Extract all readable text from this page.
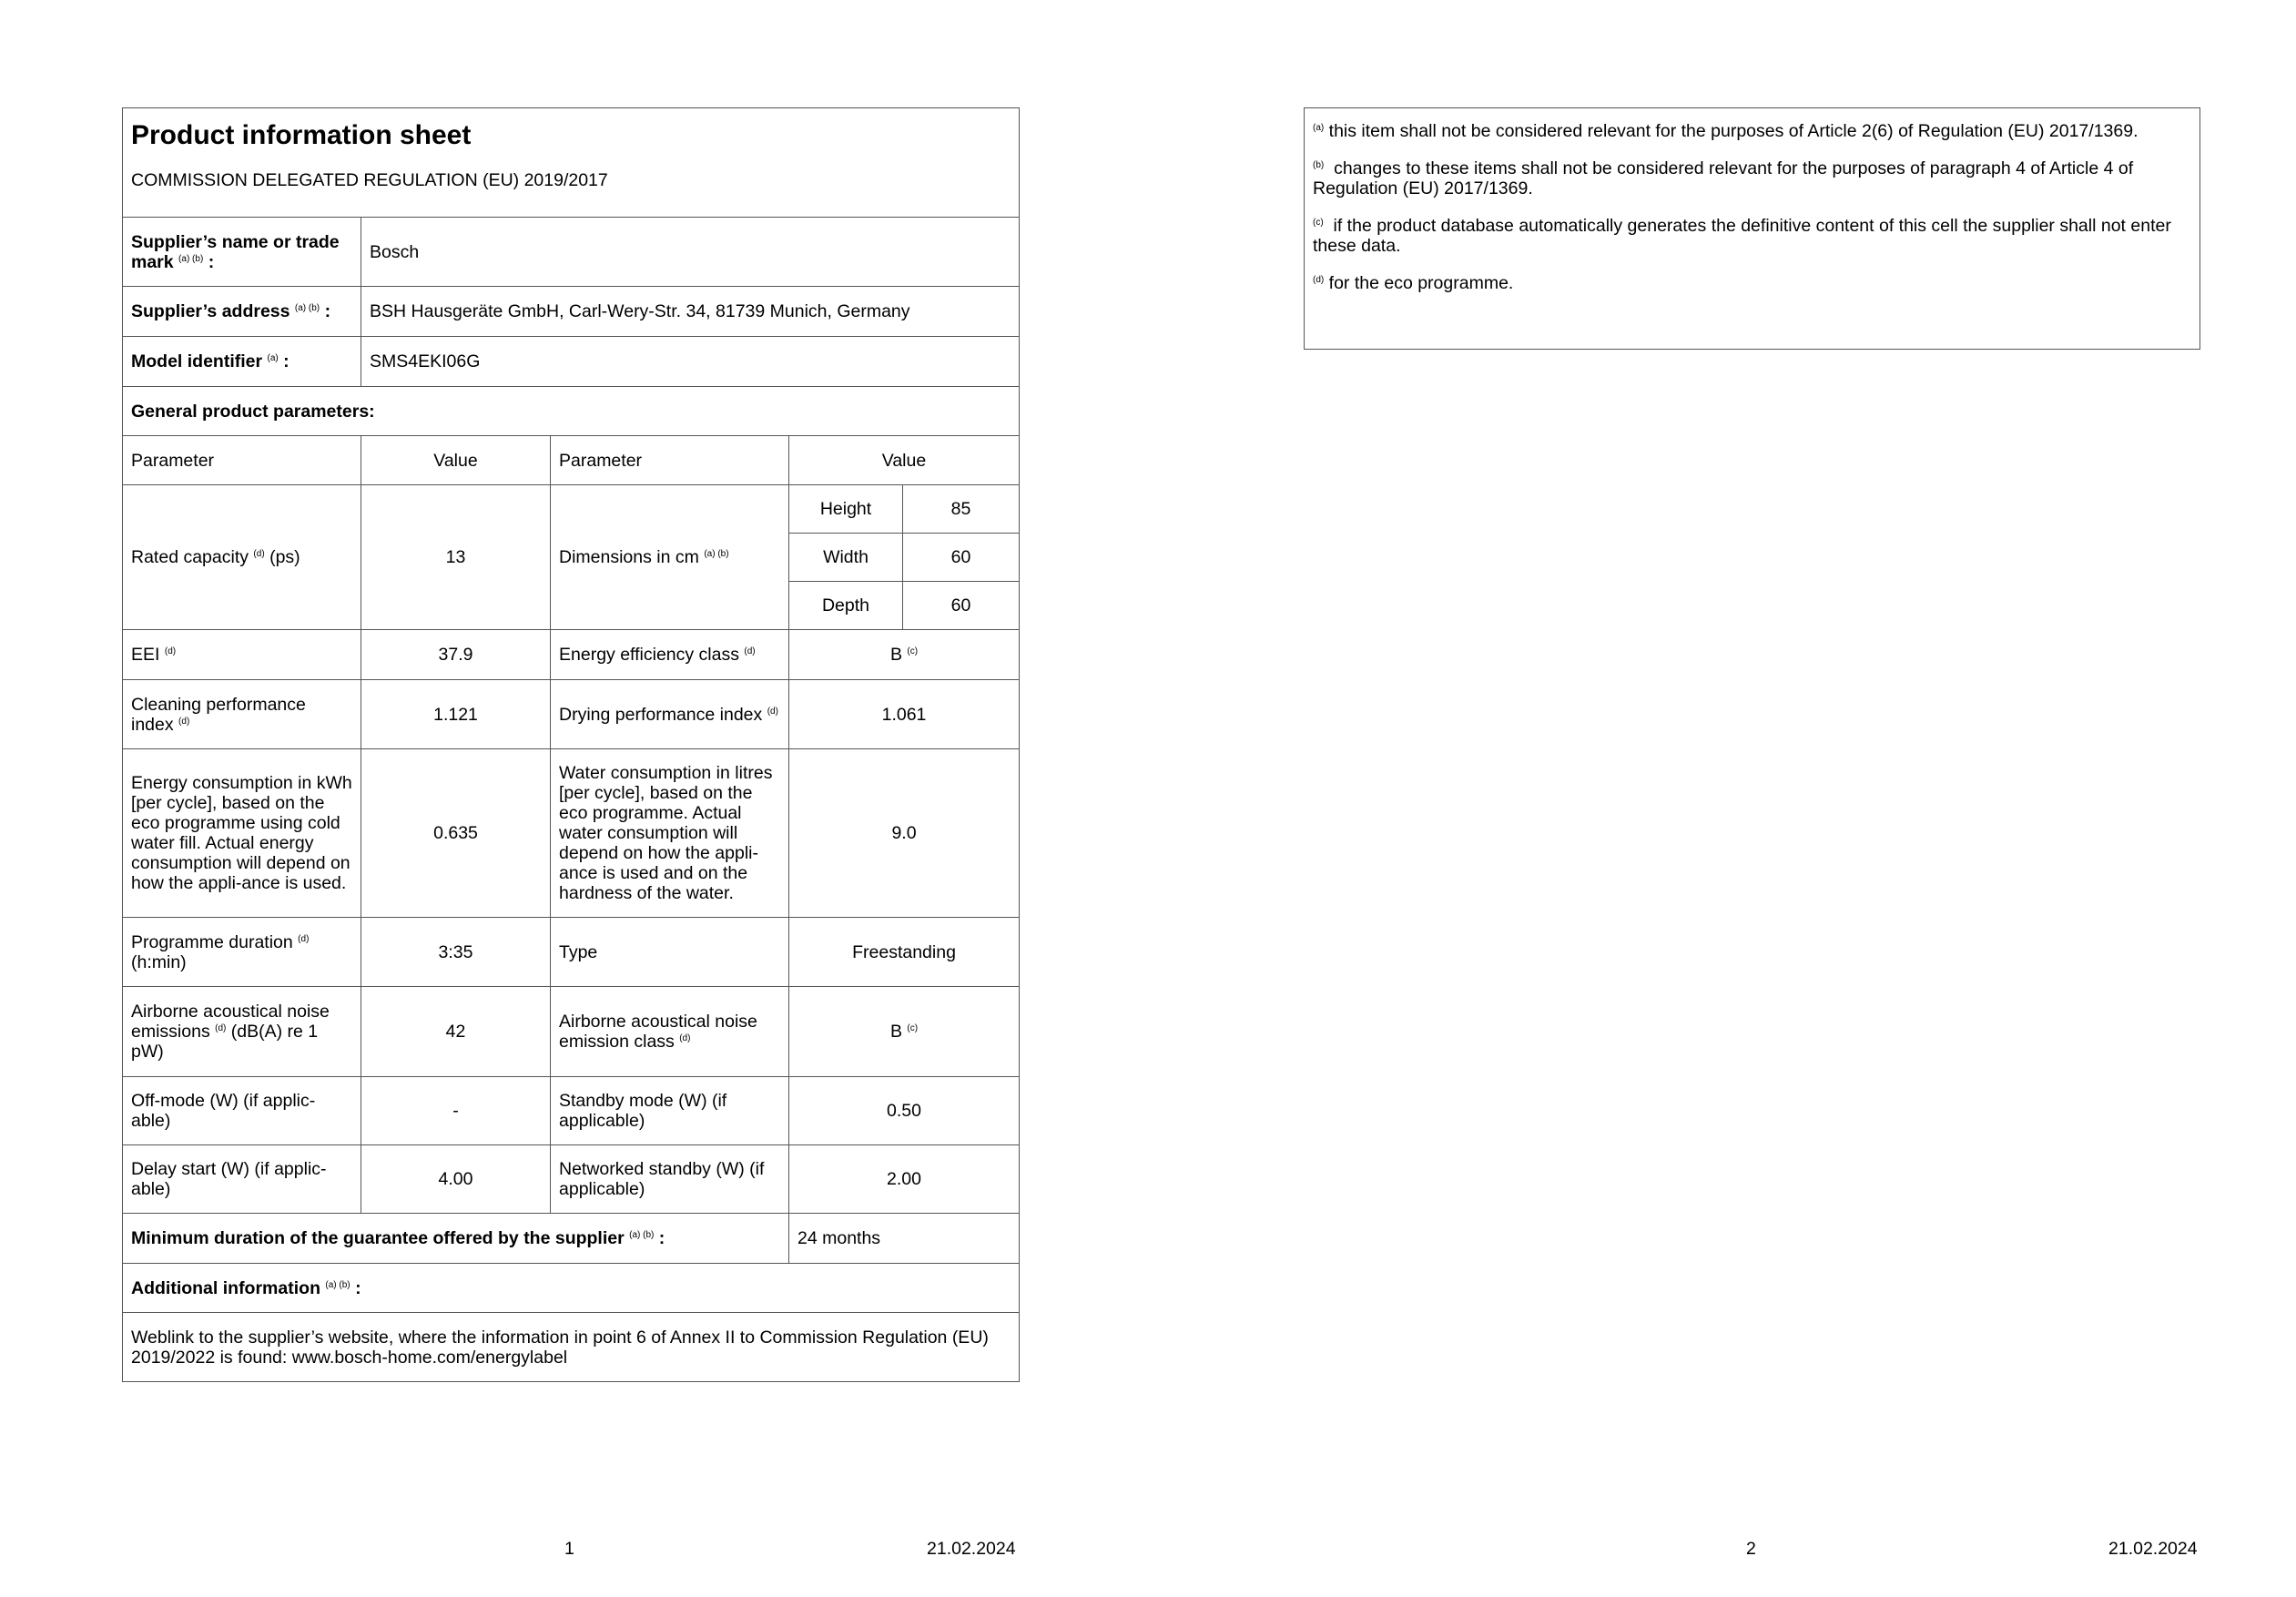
Product information sheet
COMMISSION DELEGATED REGULATION (EU) 2019/2017				

Supplier’s name or trade mark $^{(a) (b)}$ :	Bosch			
Supplier’s address $^{(a) (b)}$ :	BSH Hausgeräte GmbH, Carl-Wery-Str. 34, 81739 Munich, Germany			
Model identifier $^{(a)}$ :	SMS4EKI06G			
General product parameters:				
Parameter	Value	Parameter	Value	
Rated capacity $^{(d)}$ (ps)	13	Dimensions in cm $^{(a) (b)}$	Height	85
			Width	60
			Depth	60
EEI $^{(d)}$	37.9	Energy efficiency class $^{(d)}$	B $^{(c)}$
Cleaning performance index $^{(d)}$	1.121	Drying performance index $^{(d)}$	1.061	
Energy consumption in kWh [per cycle], based on the eco programme using cold water fill. Actual energy consumption will depend on how the appli-ance is used.	0.635	Water consumption in litres [per cycle], based on the eco programme. Actual water consumption will depend on how the appli-ance is used and on the hardness of the water.	9.0	
Programme duration $^{(d)}$ (h:min)	3:35	Type	Freestanding	
Airborne acoustical noise emissions $^{(d)}$ (dB(A) re 1 pW)	42	Airborne acoustical noise emission class $^{(d)}$	B $^{(c)}$
Off-mode (W) (if applic-able)	-	Standby mode (W) (if applicable)	0.50	
Delay start (W) (if applic-able)	4.00	Networked standby (W) (if applicable)	2.00	
Minimum duration of the guarantee offered by the supplier $^{(a) (b)}$ :			24 months	
Additional information $^{(a) (b)}$ :				
Weblink to the supplier’s website, where the information in point 6 of Annex II to Commission Regulation (EU) 2019/2022 is found: www.bosch-home.com/energylabel				

$^{(a)}$ this item shall not be considered relevant for the purposes of Article 2(6) of Regulation (EU) 2017/1369.

$^{(b)}$ changes to these items shall not be considered relevant for the purposes of paragraph 4 of Article 4 of Regulation (EU) 2017/1369.

$^{(c)}$ if the product database automatically generates the definitive content of this cell the supplier shall not enter these data.

$^{(d)}$ for the eco programme.

1	21.02.2024	2	21.02.2024
